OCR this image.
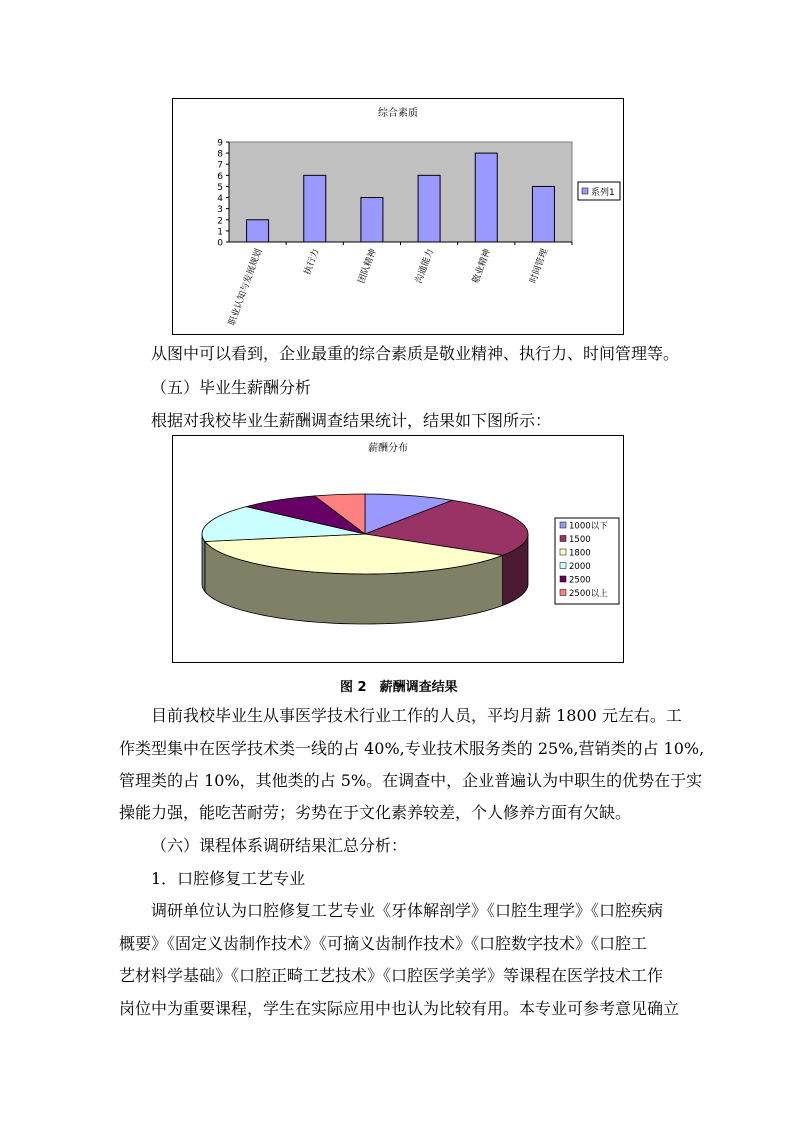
综合素质
0
1
2
3
4
5
6
7
8
9
职业认知与发展规划	执行力	团队精神	沟通能力	敬业精神	时间管理
系列1
从图中可以看到，企业最重的综合素质是敬业精神、执行力、时间管理等。
（五）毕业生薪酬分析
根据对我校毕业生薪酬调查结果统计，结果如下图所示：
薪酬分布
1000以下
1500
1800
2000
2500
2500以上
图 2　薪酬调查结果
目前我校毕业生从事医学技术行业工作的人员，平均月薪 1800 元左右。工
作类型集中在医学技术类一线的占 40%,专业技术服务类的 25%,营销类的占 10%,
管理类的占 10%，其他类的占 5%。在调查中，企业普遍认为中职生的优势在于实
操能力强，能吃苦耐劳；劣势在于文化素养较差，个人修养方面有欠缺。
（六）课程体系调研结果汇总分析：
1．口腔修复工艺专业
调研单位认为口腔修复工艺专业《牙体解剖学》《口腔生理学》《口腔疾病
概要》《固定义齿制作技术》《可摘义齿制作技术》《口腔数字技术》《口腔工
艺材料学基础》《口腔正畸工艺技术》《口腔医学美学》等课程在医学技术工作
岗位中为重要课程，学生在实际应用中也认为比较有用。本专业可参考意见确立
